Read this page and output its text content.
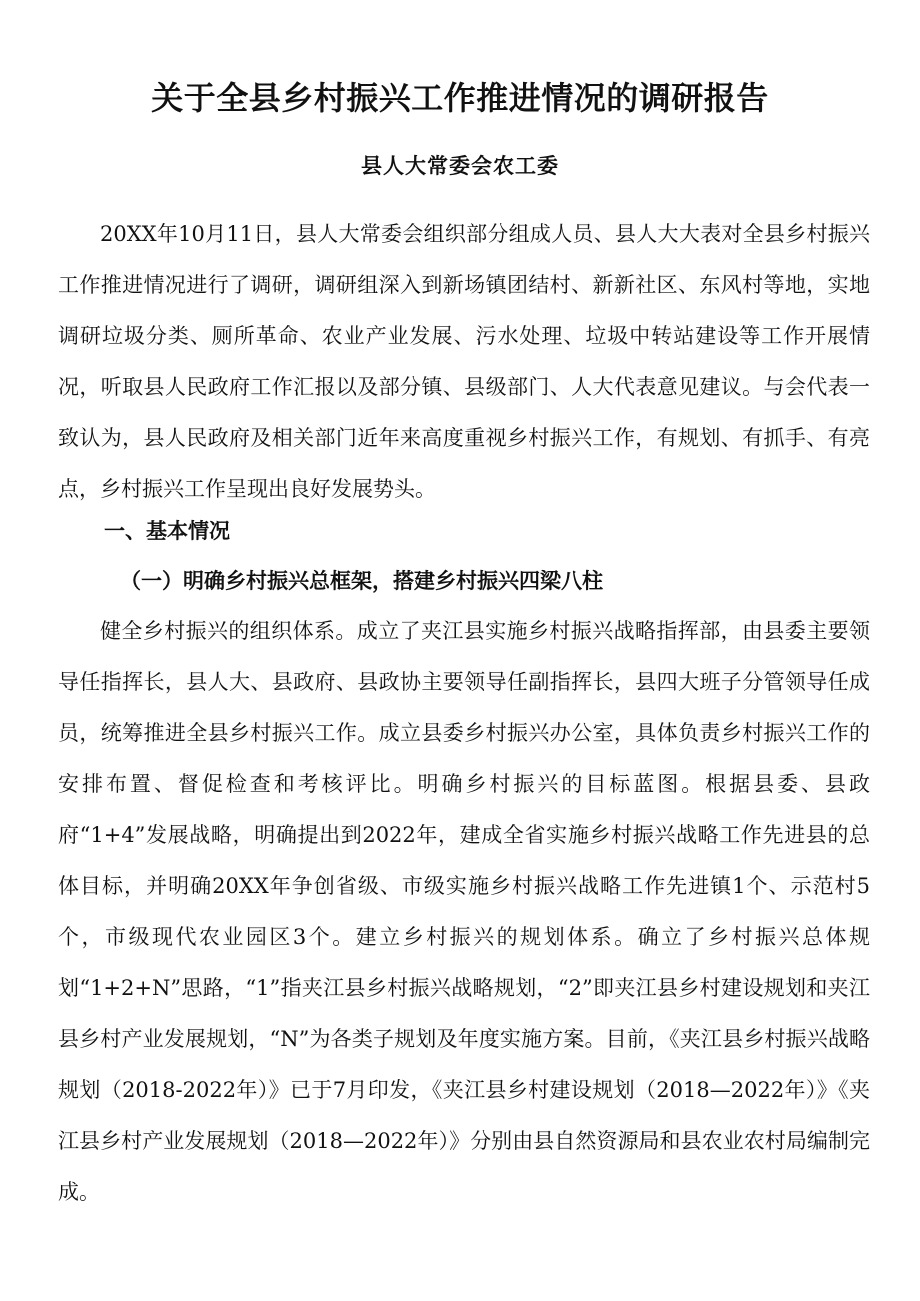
关于全县乡村振兴工作推进情况的调研报告

县人大常委会农工委

20XX年10月11日，县人大常委会组织部分组成人员、县人大大表对全县乡村振兴工作推进情况进行了调研，调研组深入到新场镇团结村、新新社区、东风村等地，实地调研垃圾分类、厕所革命、农业产业发展、污水处理、垃圾中转站建设等工作开展情况，听取县人民政府工作汇报以及部分镇、县级部门、人大代表意见建议。与会代表一致认为，县人民政府及相关部门近年来高度重视乡村振兴工作，有规划、有抓手、有亮点，乡村振兴工作呈现出良好发展势头。

一、基本情况

（一）明确乡村振兴总框架，搭建乡村振兴四梁八柱

健全乡村振兴的组织体系。成立了夹江县实施乡村振兴战略指挥部，由县委主要领导任指挥长，县人大、县政府、县政协主要领导任副指挥长，县四大班子分管领导任成员，统筹推进全县乡村振兴工作。成立县委乡村振兴办公室，具体负责乡村振兴工作的安排布置、督促检查和考核评比。明确乡村振兴的目标蓝图。根据县委、县政府“1+4”发展战略，明确提出到2022年，建成全省实施乡村振兴战略工作先进县的总体目标，并明确20XX年争创省级、市级实施乡村振兴战略工作先进镇1个、示范村5个，市级现代农业园区3个。建立乡村振兴的规划体系。确立了乡村振兴总体规划“1+2+N”思路，“1”指夹江县乡村振兴战略规划，“2”即夹江县乡村建设规划和夹江县乡村产业发展规划，“N”为各类子规划及年度实施方案。目前，《夹江县乡村振兴战略规划（2018-2022年）》已于7月印发，《夹江县乡村建设规划（2018—2022年）》《夹江县乡村产业发展规划（2018—2022年）》分别由县自然资源局和县农业农村局编制完成。
